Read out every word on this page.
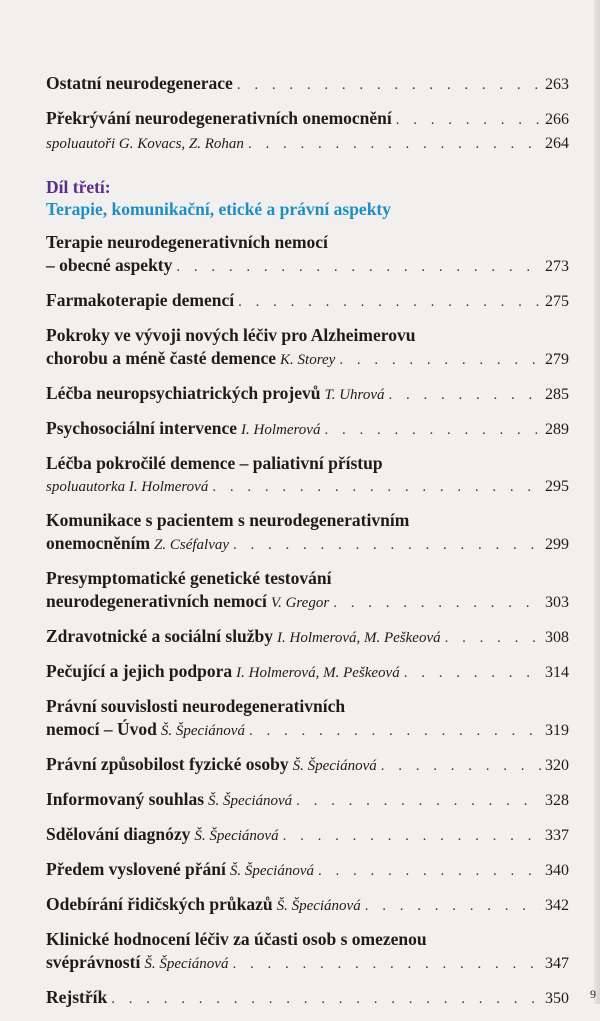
Ostatní neurodegenerace . . .	263
Překrývání neurodegenerativních onemocnění . . .	266
spoluautoři G. Kovacs, Z. Rohan . . .	264
Díl třetí:
Terapie, komunikační, etické a právní aspekty
Terapie neurodegenerativních nemocí
– obecné aspekty . . .	273
Farmakoterapie demencí . . .	275
Pokroky ve vývoji nových léčiv pro Alzheimerovu
chorobu a méně časté demence K. Storey . . .	279
Léčba neuropsychiatrických projevů T. Uhrová . . .	285
Psychosociální intervence I. Holmerová . . .	289
Léčba pokročilé demence – paliativní přístup
spoluautorka I. Holmerová . . .	295
Komunikace s pacientem s neurodegenerativním
onemocněním Z. Cséfalvay . . .	299
Presymptomatické genetické testování
neurodegenerativních nemocí V. Gregor . . .	303
Zdravotnické a sociální služby I. Holmerová, M. Peškeová . . .	308
Pečující a jejich podpora I. Holmerová, M. Peškeová . . .	314
Právní souvislosti neurodegenerativních
nemocí – Úvod Š. Špeciánová . . .	319
Právní způsobilost fyzické osoby Š. Špeciánová . . .	320
Informovaný souhlas Š. Špeciánová . . .	328
Sdělování diagnózy Š. Špeciánová . . .	337
Předem vyslovené přání Š. Špeciánová . . .	340
Odebírání řidičských průkazů Š. Špeciánová . . .	342
Klinické hodnocení léčiv za účasti osob s omezenou
svéprávností Š. Špeciánová . . .	347
Rejstřík . . .	350 9
